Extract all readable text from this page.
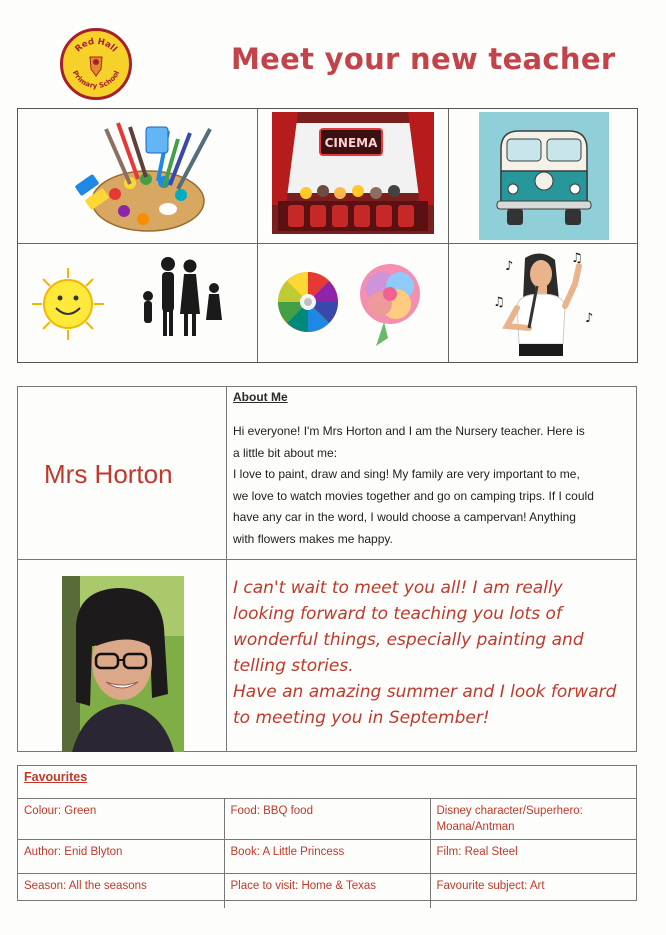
Red Hall
Primary School	Meet your new teacher
CINEMA
♪
♫
♫
♪
Mrs Horton
About Me

Hi everyone! I'm Mrs Horton and I am the Nursery teacher. Here is

a little bit about me:

I love to paint, draw and sing! My family are very important to me,

we love to watch movies together and go on camping trips. If I could

have any car in the word, I would choose a campervan! Anything

with flowers makes me happy.

I can't wait to meet you all! I am really

looking forward to teaching you lots of

wonderful things, especially painting and

telling stories.

Have an amazing summer and I look forward

to meeting you in September!

Favourites
Colour: Green	Food: BBQ food	Disney character/Superhero: Moana/Antman
Author: Enid Blyton	Book: A Little Princess	Film: Real Steel
Season: All the seasons	Place to visit: Home & Texas	Favourite subject: Art
